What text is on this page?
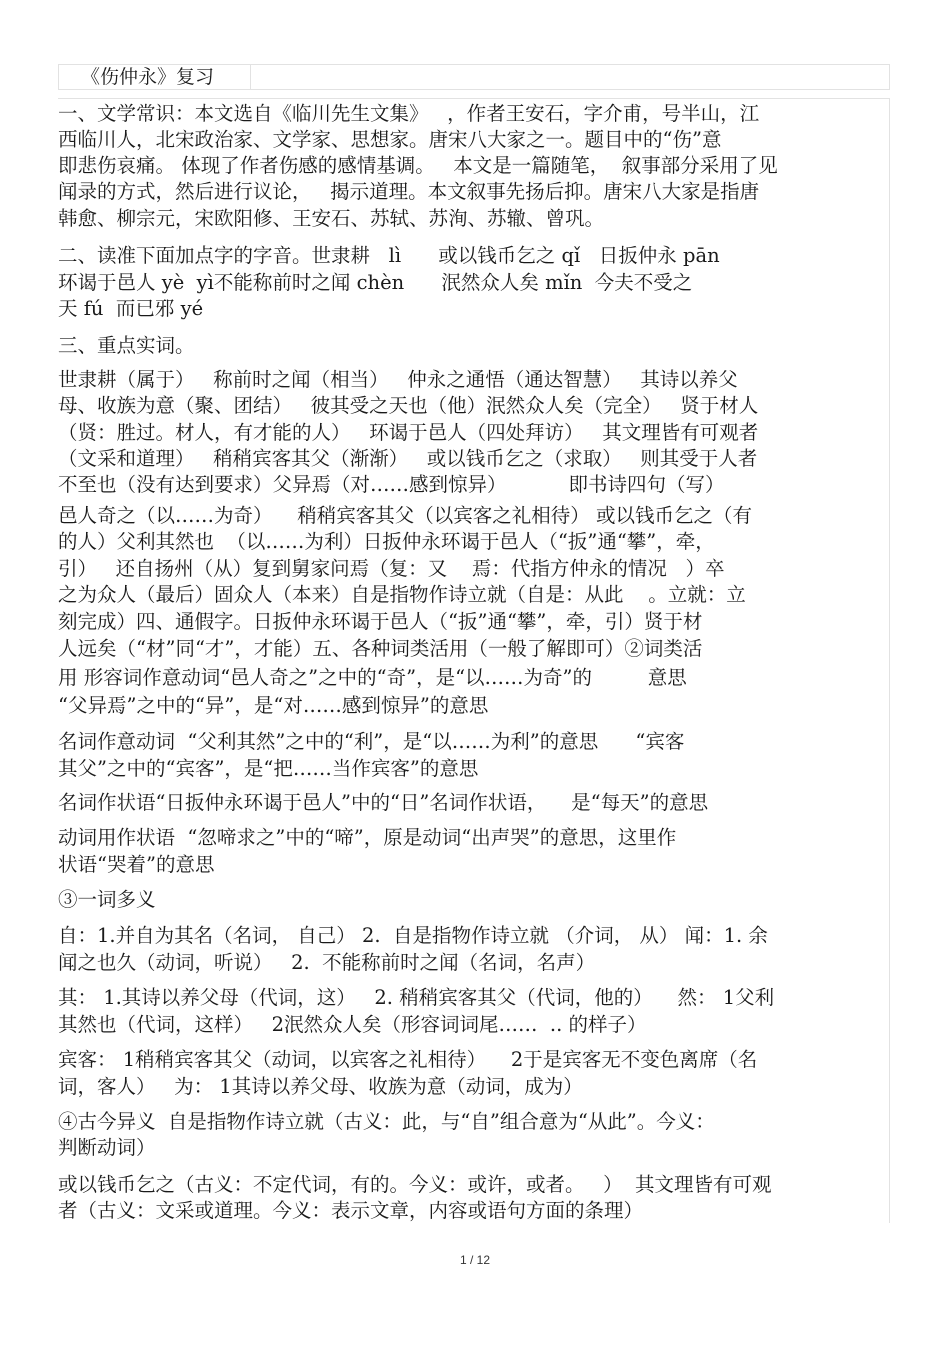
《伤仲永》复习
一、文学常识：本文选自《临川先生文集》   ，作者王安石，字介甫，号半山，江
西临川人，北宋政治家、文学家、思想家。唐宋八大家之一。题目中的“伤”意
即悲伤哀痛。 体现了作者伤感的感情基调。   本文是一篇随笔，  叙事部分采用了见
闻录的方式，然后进行议论，   揭示道理。本文叙事先扬后抑。唐宋八大家是指唐
韩愈、柳宗元，宋欧阳修、王安石、苏轼、苏洵、苏辙、曾巩。
二、读准下面加点字的字音。世隶耕   lì      或以钱币乞之 qǐ   日扳仲永 pān
环谒于邑人 yè  yì不能称前时之闻 chèn      泯然众人矣 mǐn  今夫不受之
天 fú  而已邪 yé
三、重点实词。
世隶耕（属于）   称前时之闻（相当）   仲永之通悟（通达智慧）   其诗以养父
母、收族为意（聚、团结）   彼其受之天也（他）泯然众人矣（完全）   贤于材人
（贤：胜过。材人，有才能的人）   环谒于邑人（四处拜访）   其文理皆有可观者
（文采和道理）   稍稍宾客其父（渐渐）   或以钱币乞之（求取）   则其受于人者
不至也（没有达到要求）父异焉（对……感到惊异）          即书诗四句（写）
邑人奇之（以……为奇）    稍稍宾客其父（以宾客之礼相待） 或以钱币乞之（有
的人）父利其然也  （以……为利）日扳仲永环谒于邑人（“扳”通“攀”，牵，
引）   还自扬州（从）复到舅家问焉（复：又    焉：代指方仲永的情况   ）卒
之为众人（最后）固众人（本来）自是指物作诗立就（自是：从此    。立就：立
刻完成）四、通假字。日扳仲永环谒于邑人（“扳”通“攀”，牵，引）贤于材
人远矣（“材”同“才”，才能）五、各种词类活用（一般了解即可）②词类活
用 形容词作意动词“邑人奇之”之中的“奇”，是“以……为奇”的         意思
“父异焉”之中的“异”，是“对……感到惊异”的意思
名词作意动词  “父利其然”之中的“利”，是“以……为利”的意思      “宾客
其父”之中的“宾客”，是“把……当作宾客”的意思
名词作状语“日扳仲永环谒于邑人”中的“日”名词作状语，    是“每天”的意思
动词用作状语  “忽啼求之”中的“啼”，原是动词“出声哭”的意思，这里作
状语“哭着”的意思
③一词多义
自：1.并自为其名（名词， 自己） 2.  自是指物作诗立就 （介词， 从） 闻：1. 余
闻之也久（动词，听说）   2.  不能称前时之闻（名词，名声）
其： 1.其诗以养父母（代词，这）   2. 稍稍宾客其父（代词，他的）    然： 1父利
其然也（代词，这样）   2泯然众人矣（形容词词尾……  .. 的样子）
宾客： 1稍稍宾客其父（动词，以宾客之礼相待）    2于是宾客无不变色离席（名
词，客人）   为： 1其诗以养父母、收族为意（动词，成为）
④古今异义  自是指物作诗立就（古义：此，与“自”组合意为“从此”。今义：
判断动词）
或以钱币乞之（古义：不定代词，有的。今义：或许，或者。   ）  其文理皆有可观
者（古义：文采或道理。今义：表示文章，内容或语句方面的条理）
1 / 12
